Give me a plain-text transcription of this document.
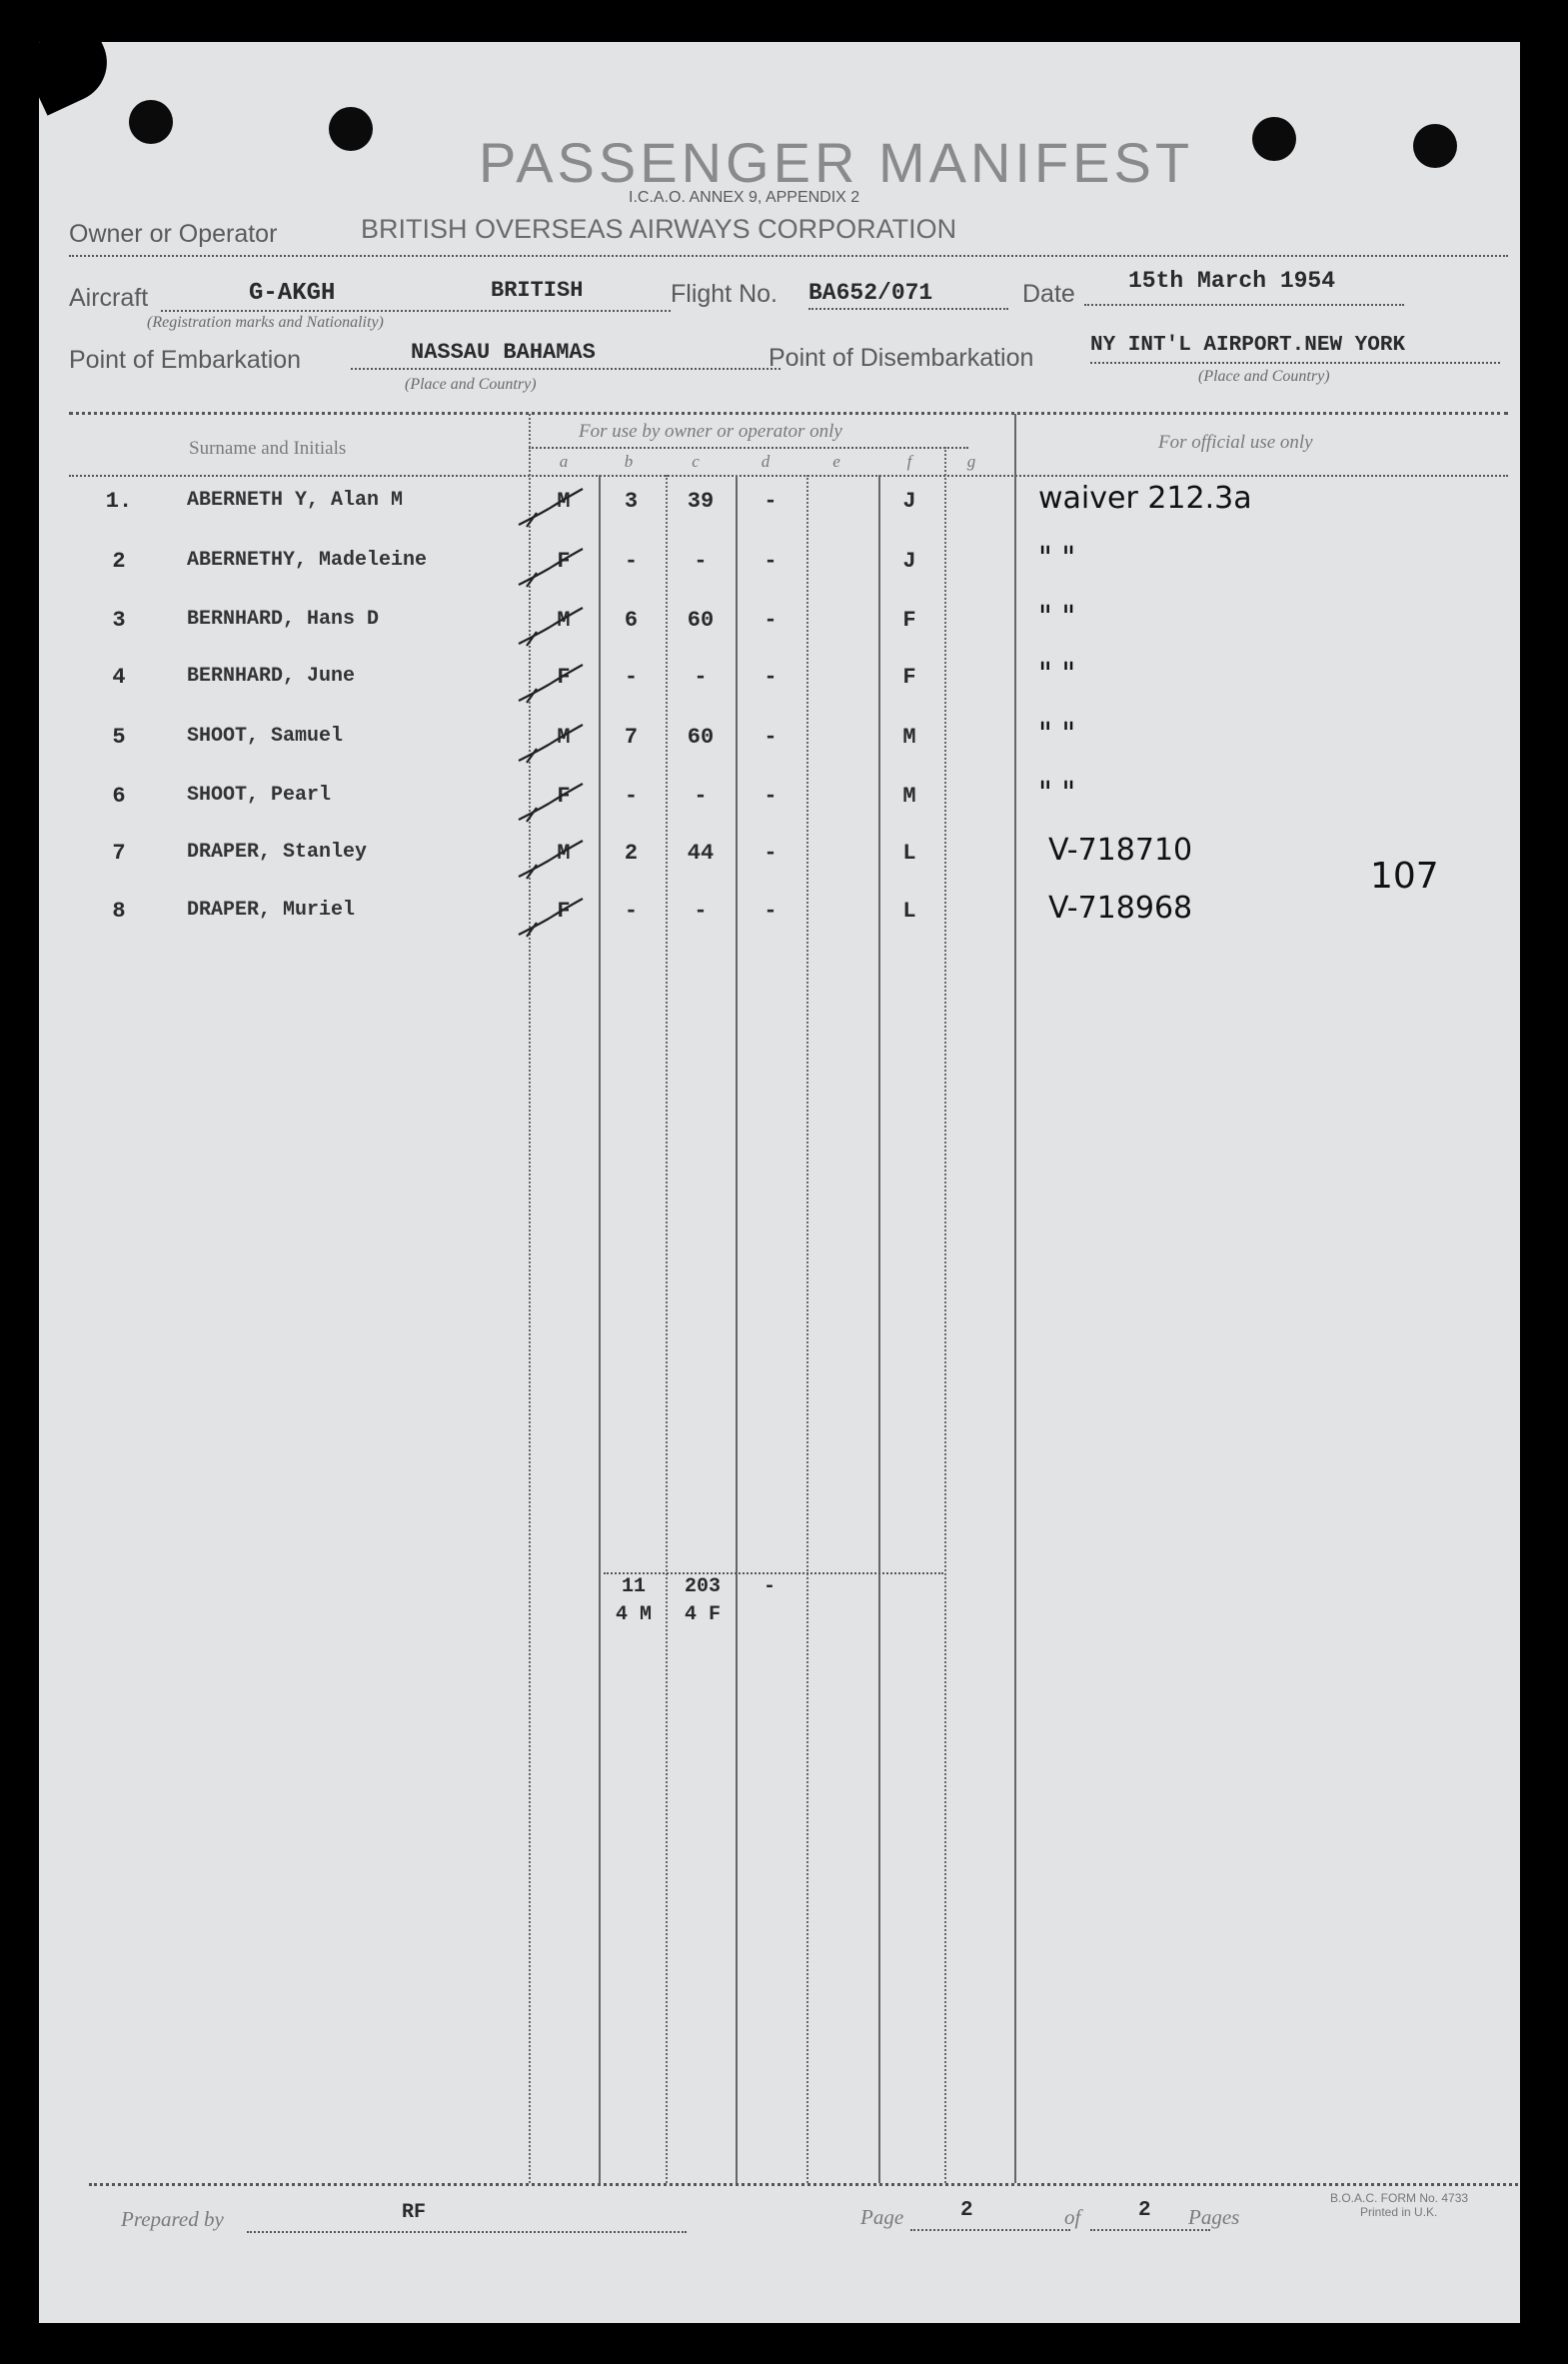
PASSENGER MANIFEST
I.C.A.O. ANNEX 9, APPENDIX 2
Owner or Operator	BRITISH OVERSEAS AIRWAYS CORPORATION
Aircraft	G-AKGH	BRITISH
(Registration marks and Nationality)
Flight No. BA652/071	Date 15th March 1954
Point of Embarkation	NASSAU BAHAMAS
(Place and Country)
Point of Disembarkation	NY INT'L AIRPORT.NEW YORK
(Place and Country)
Surname and Initials
For use by owner or operator only
For official use only
a	b	c	d	e	f	g
1.	ABERNETH Y, Alan M	M	3	39	-	J	waiver 212.3a
2	ABERNETHY, Madeleine	F	-	-	-	J	" "
3	BERNHARD, Hans D	M	6	60	-	F	" "
4	BERNHARD, June	F	-	-	-	F	" "
5	SHOOT, Samuel	M	7	60	-	M	" "
6	SHOOT, Pearl	F	-	-	-	M	" "
7	DRAPER, Stanley	M	2	44	-	L	V-718710
8	DRAPER, Muriel	F	-	-	-	L	V-718968
107
11	203	-
4 M	4 F
Prepared by	RF	Page	2	of	2 Pages
B.O.A.C. FORM No. 4733
Printed in U.K.
